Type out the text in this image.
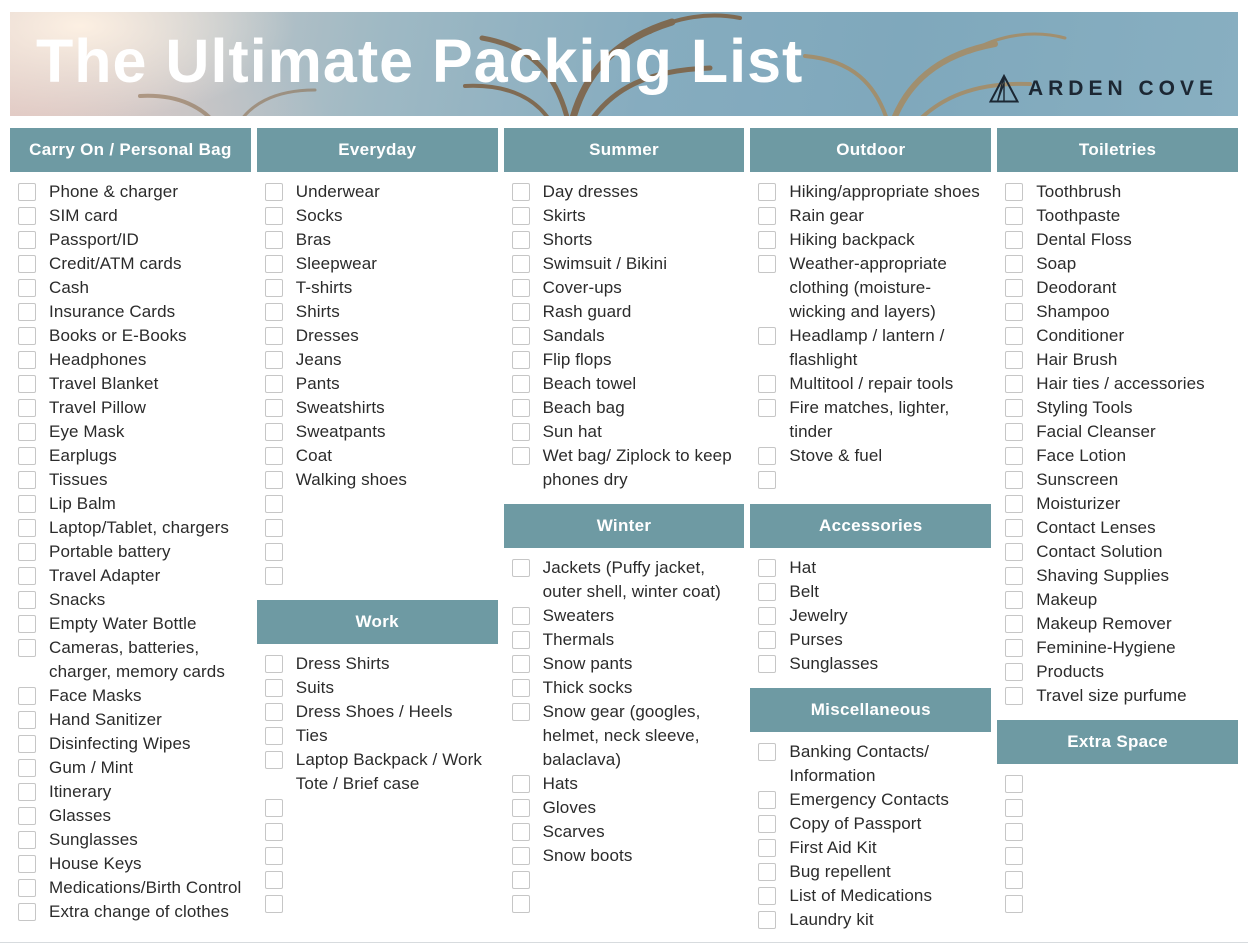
The Ultimate Packing List	ARDEN COVE
Carry On / Personal Bag
Phone & charger
SIM card
Passport/ID
Credit/ATM cards
Cash
Insurance Cards
Books or E-Books
Headphones
Travel Blanket
Travel Pillow
Eye Mask
Earplugs
Tissues
Lip Balm
Laptop/Tablet, chargers
Portable battery
Travel Adapter
Snacks
Empty Water Bottle
Cameras, batteries,
charger, memory cards
Face Masks
Hand Sanitizer
Disinfecting Wipes
Gum / Mint
Itinerary
Glasses
Sunglasses
House Keys
Medications/Birth Control
Extra change of clothes
Everyday
Underwear
Socks
Bras
Sleepwear
T-shirts
Shirts
Dresses
Jeans
Pants
Sweatshirts
Sweatpants
Coat
Walking shoes
Work
Dress Shirts
Suits
Dress Shoes / Heels
Ties
Laptop Backpack / Work
Tote / Brief case
Summer
Day dresses
Skirts
Shorts
Swimsuit / Bikini
Cover-ups
Rash guard
Sandals
Flip flops
Beach towel
Beach bag
Sun hat
Wet bag/ Ziplock to keep
phones dry
Winter
Jackets (Puffy jacket,
outer shell, winter coat)
Sweaters
Thermals
Snow pants
Thick socks
Snow gear (googles,
helmet, neck sleeve,
balaclava)
Hats
Gloves
Scarves
Snow boots
Outdoor
Hiking/appropriate shoes
Rain gear
Hiking backpack
Weather-appropriate
clothing (moisture-
wicking and layers)
Headlamp / lantern /
flashlight
Multitool / repair tools
Fire matches, lighter,
tinder
Stove & fuel
Accessories
Hat
Belt
Jewelry
Purses
Sunglasses
Miscellaneous
Banking Contacts/
Information
Emergency Contacts
Copy of Passport
First Aid Kit
Bug repellent
List of Medications
Laundry kit
Toiletries
Toothbrush
Toothpaste
Dental Floss
Soap
Deodorant
Shampoo
Conditioner
Hair Brush
Hair ties / accessories
Styling Tools
Facial Cleanser
Face Lotion
Sunscreen
Moisturizer
Contact Lenses
Contact Solution
Shaving Supplies
Makeup
Makeup Remover
Feminine-Hygiene
Products
Travel size purfume
Extra Space
